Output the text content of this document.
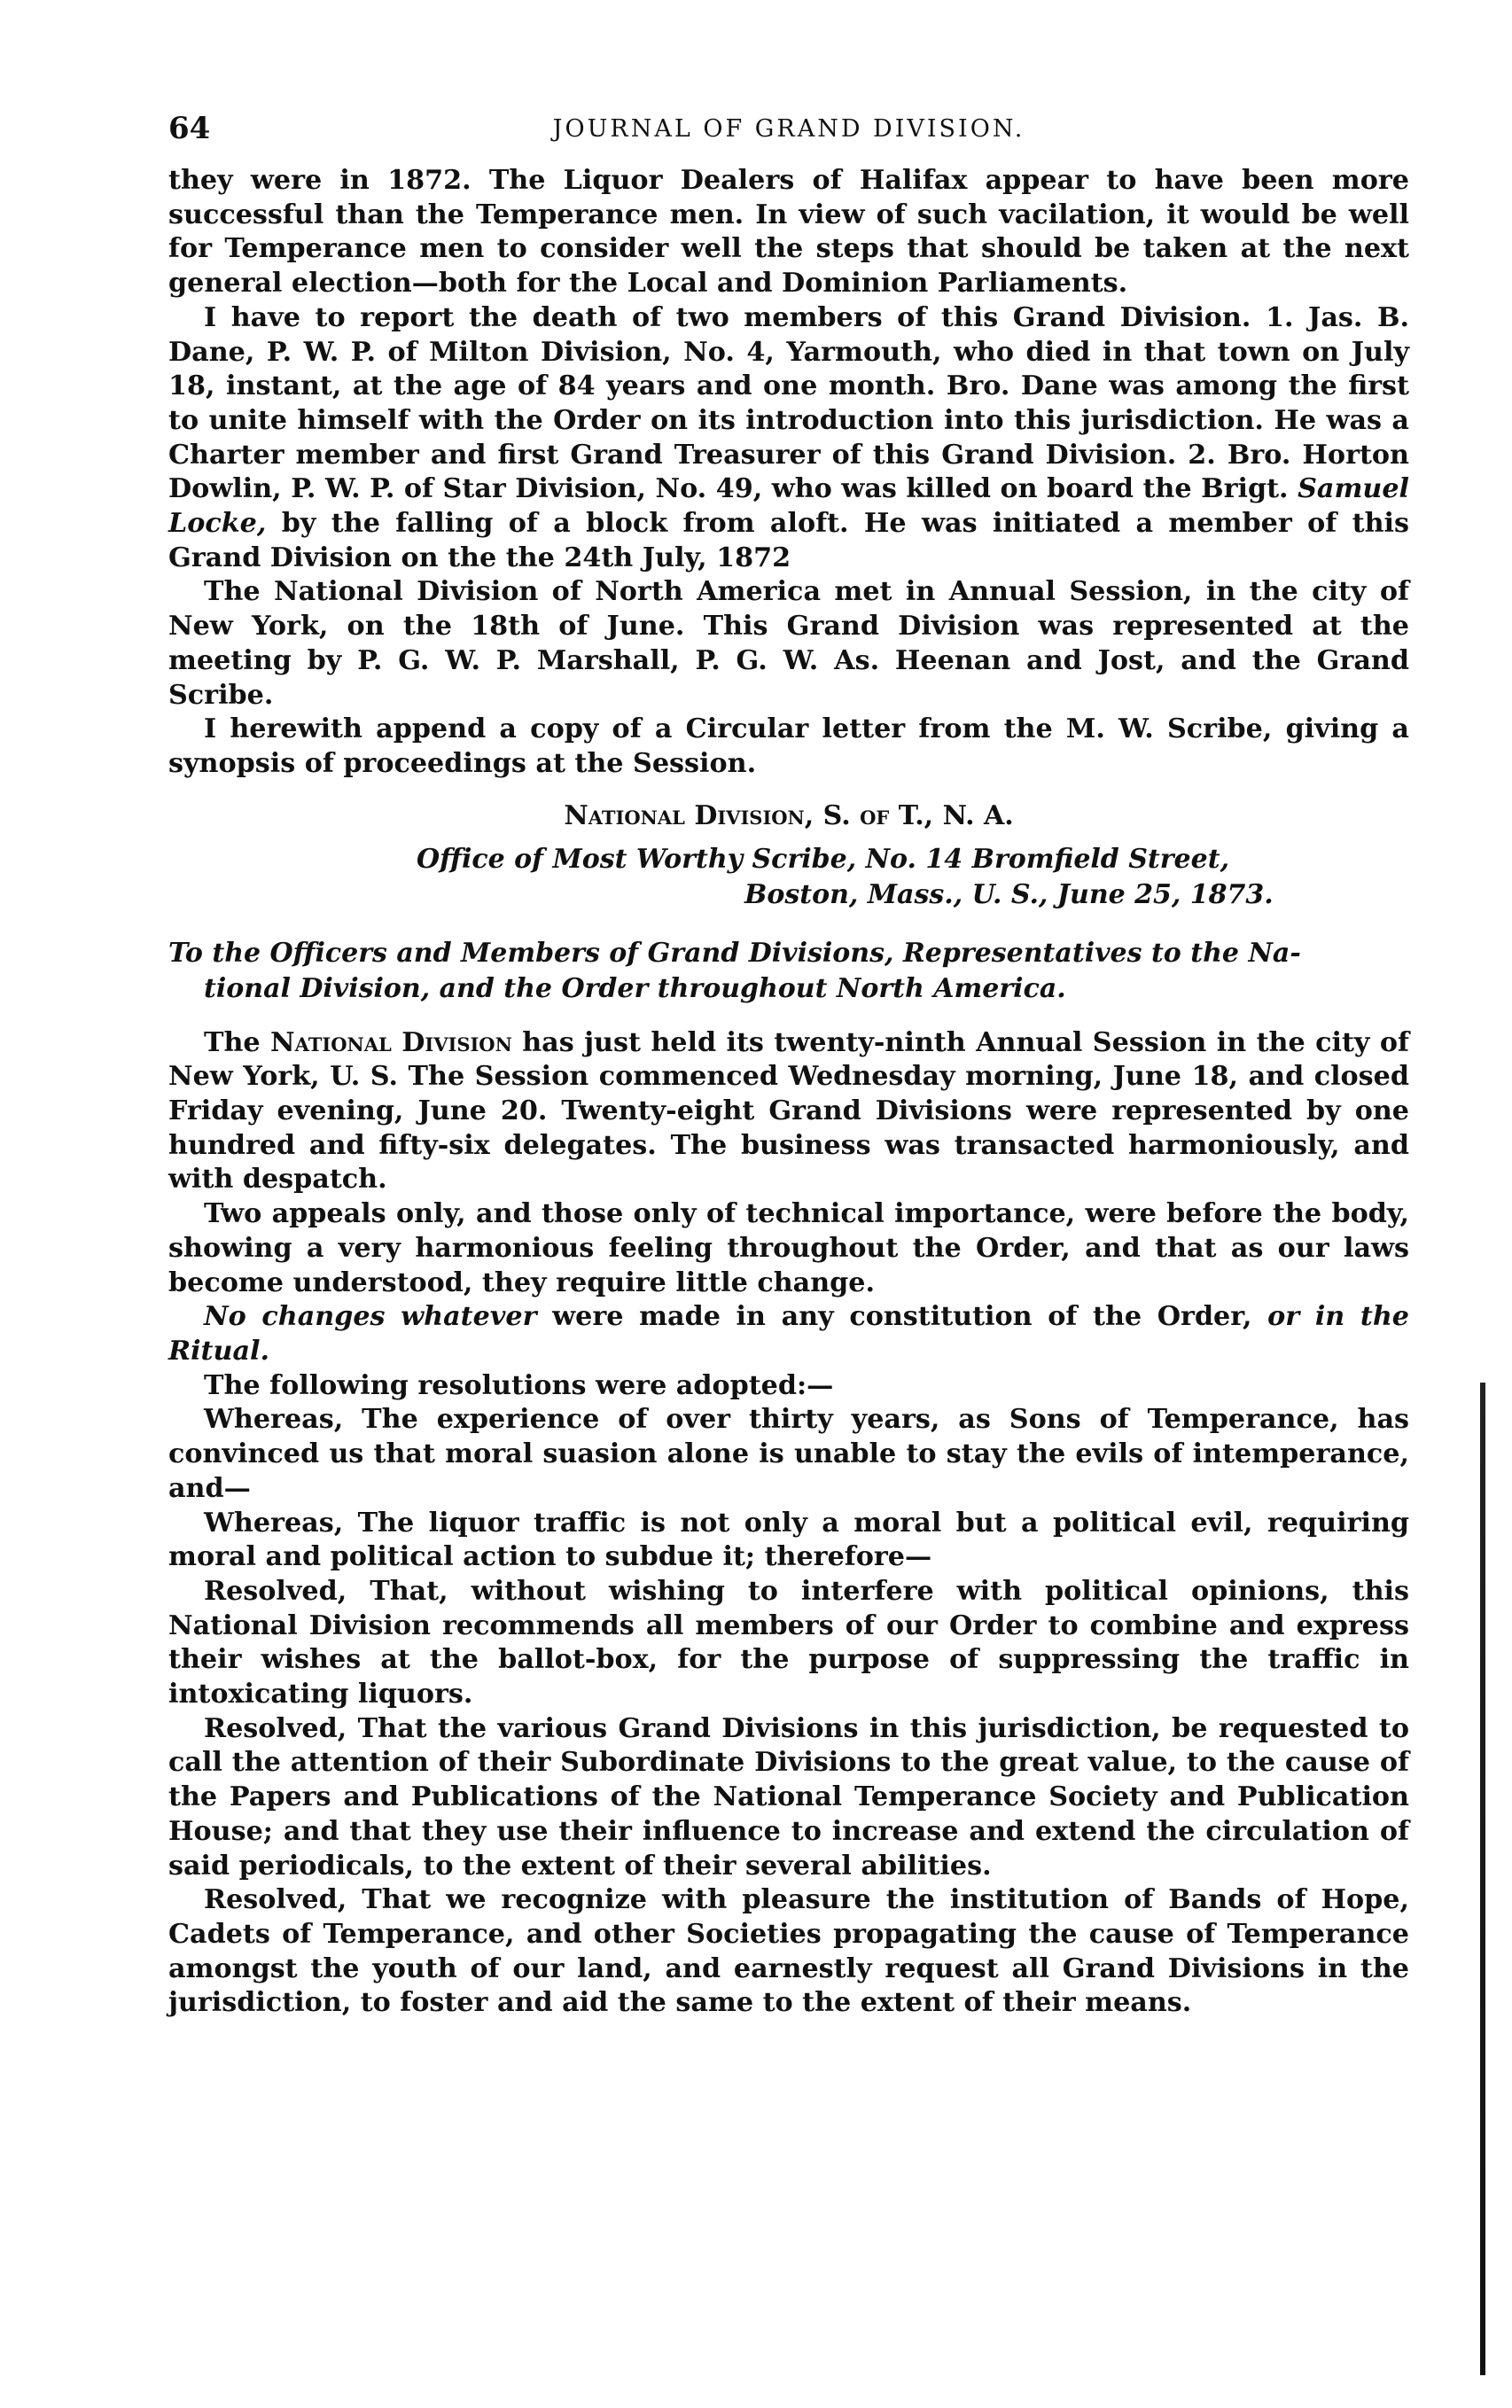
64	JOURNAL OF GRAND DIVISION.

they were in 1872. The Liquor Dealers of Halifax appear to have been more successful than the Temperance men. In view of such vacilation, it would be well for Temperance men to consider well the steps that should be taken at the next general election—both for the Local and Dominion Parliaments.

I have to report the death of two members of this Grand Division. 1. Jas. B. Dane, P. W. P. of Milton Division, No. 4, Yarmouth, who died in that town on July 18, instant, at the age of 84 years and one month. Bro. Dane was among the first to unite himself with the Order on its introduction into this jurisdiction. He was a Charter member and first Grand Treasurer of this Grand Division. 2. Bro. Horton Dowlin, P. W. P. of Star Division, No. 49, who was killed on board the Brigt. Samuel Locke, by the falling of a block from aloft. He was initiated a member of this Grand Division on the the 24th July, 1872

The National Division of North America met in Annual Session, in the city of New York, on the 18th of June. This Grand Division was represented at the meeting by P. G. W. P. Marshall, P. G. W. As. Heenan and Jost, and the Grand Scribe.

I herewith append a copy of a Circular letter from the M. W. Scribe, giving a synopsis of proceedings at the Session.

National Division, S. of T., N. A.
Office of Most Worthy Scribe, No. 14 Bromfield Street,
Boston, Mass., U. S., June 25, 1873.
To the Officers and Members of Grand Divisions, Representatives to the Na-
tional Division, and the Order throughout North America.

The National Division has just held its twenty-ninth Annual Session in the city of New York, U. S. The Session commenced Wednesday morning, June 18, and closed Friday evening, June 20. Twenty-eight Grand Divisions were represented by one hundred and fifty-six delegates. The business was transacted harmoniously, and with despatch.

Two appeals only, and those only of technical importance, were before the body, showing a very harmonious feeling throughout the Order, and that as our laws become understood, they require little change.

No changes whatever were made in any constitution of the Order, or in the Ritual.

The following resolutions were adopted:—

Whereas, The experience of over thirty years, as Sons of Temperance, has convinced us that moral suasion alone is unable to stay the evils of intemperance, and—

Whereas, The liquor traffic is not only a moral but a political evil, requiring moral and political action to subdue it; therefore—

Resolved, That, without wishing to interfere with political opinions, this National Division recommends all members of our Order to combine and express their wishes at the ballot-box, for the purpose of suppressing the traffic in intoxicating liquors.

Resolved, That the various Grand Divisions in this jurisdiction, be requested to call the attention of their Subordinate Divisions to the great value, to the cause of the Papers and Publications of the National Temperance Society and Publication House; and that they use their influence to increase and extend the circulation of said periodicals, to the extent of their several abilities.

Resolved, That we recognize with pleasure the institution of Bands of Hope, Cadets of Temperance, and other Societies propagating the cause of Temperance amongst the youth of our land, and earnestly request all Grand Divisions in the jurisdiction, to foster and aid the same to the extent of their means.
